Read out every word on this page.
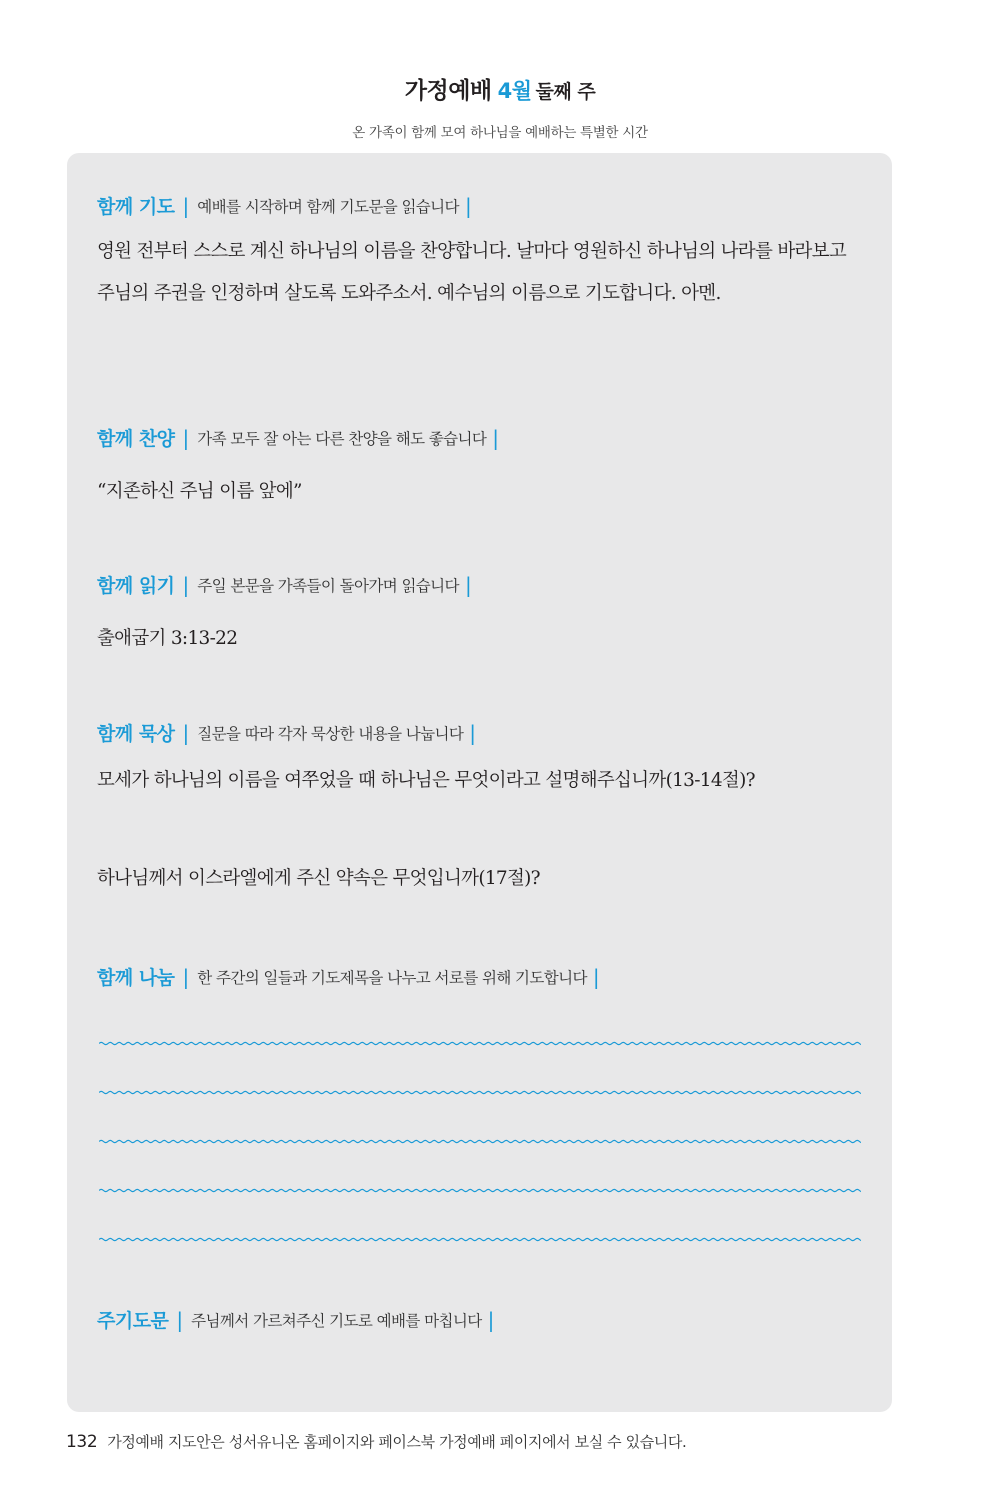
가정예배 4월 둘째 주
온 가족이 함께 모여 하나님을 예배하는 특별한 시간
함께 기도 | 예배를 시작하며 함께 기도문을 읽습니다 |
영원 전부터 스스로 계신 하나님의 이름을 찬양합니다. 날마다 영원하신 하나님의 나라를 바라보고 주님의 주권을 인정하며 살도록 도와주소서. 예수님의 이름으로 기도합니다. 아멘.
함께 찬양 | 가족 모두 잘 아는 다른 찬양을 해도 좋습니다 |
“지존하신 주님 이름 앞에”
함께 읽기 | 주일 본문을 가족들이 돌아가며 읽습니다 |
출애굽기 3:13-22
함께 묵상 | 질문을 따라 각자 묵상한 내용을 나눕니다 |
모세가 하나님의 이름을 여쭈었을 때 하나님은 무엇이라고 설명해주십니까(13-14절)?
하나님께서 이스라엘에게 주신 약속은 무엇입니까(17절)?
함께 나눔 | 한 주간의 일들과 기도제목을 나누고 서로를 위해 기도합니다 |
주기도문 | 주님께서 가르쳐주신 기도로 예배를 마칩니다 |
132 가정예배 지도안은 성서유니온 홈페이지와 페이스북 가정예배 페이지에서 보실 수 있습니다.
